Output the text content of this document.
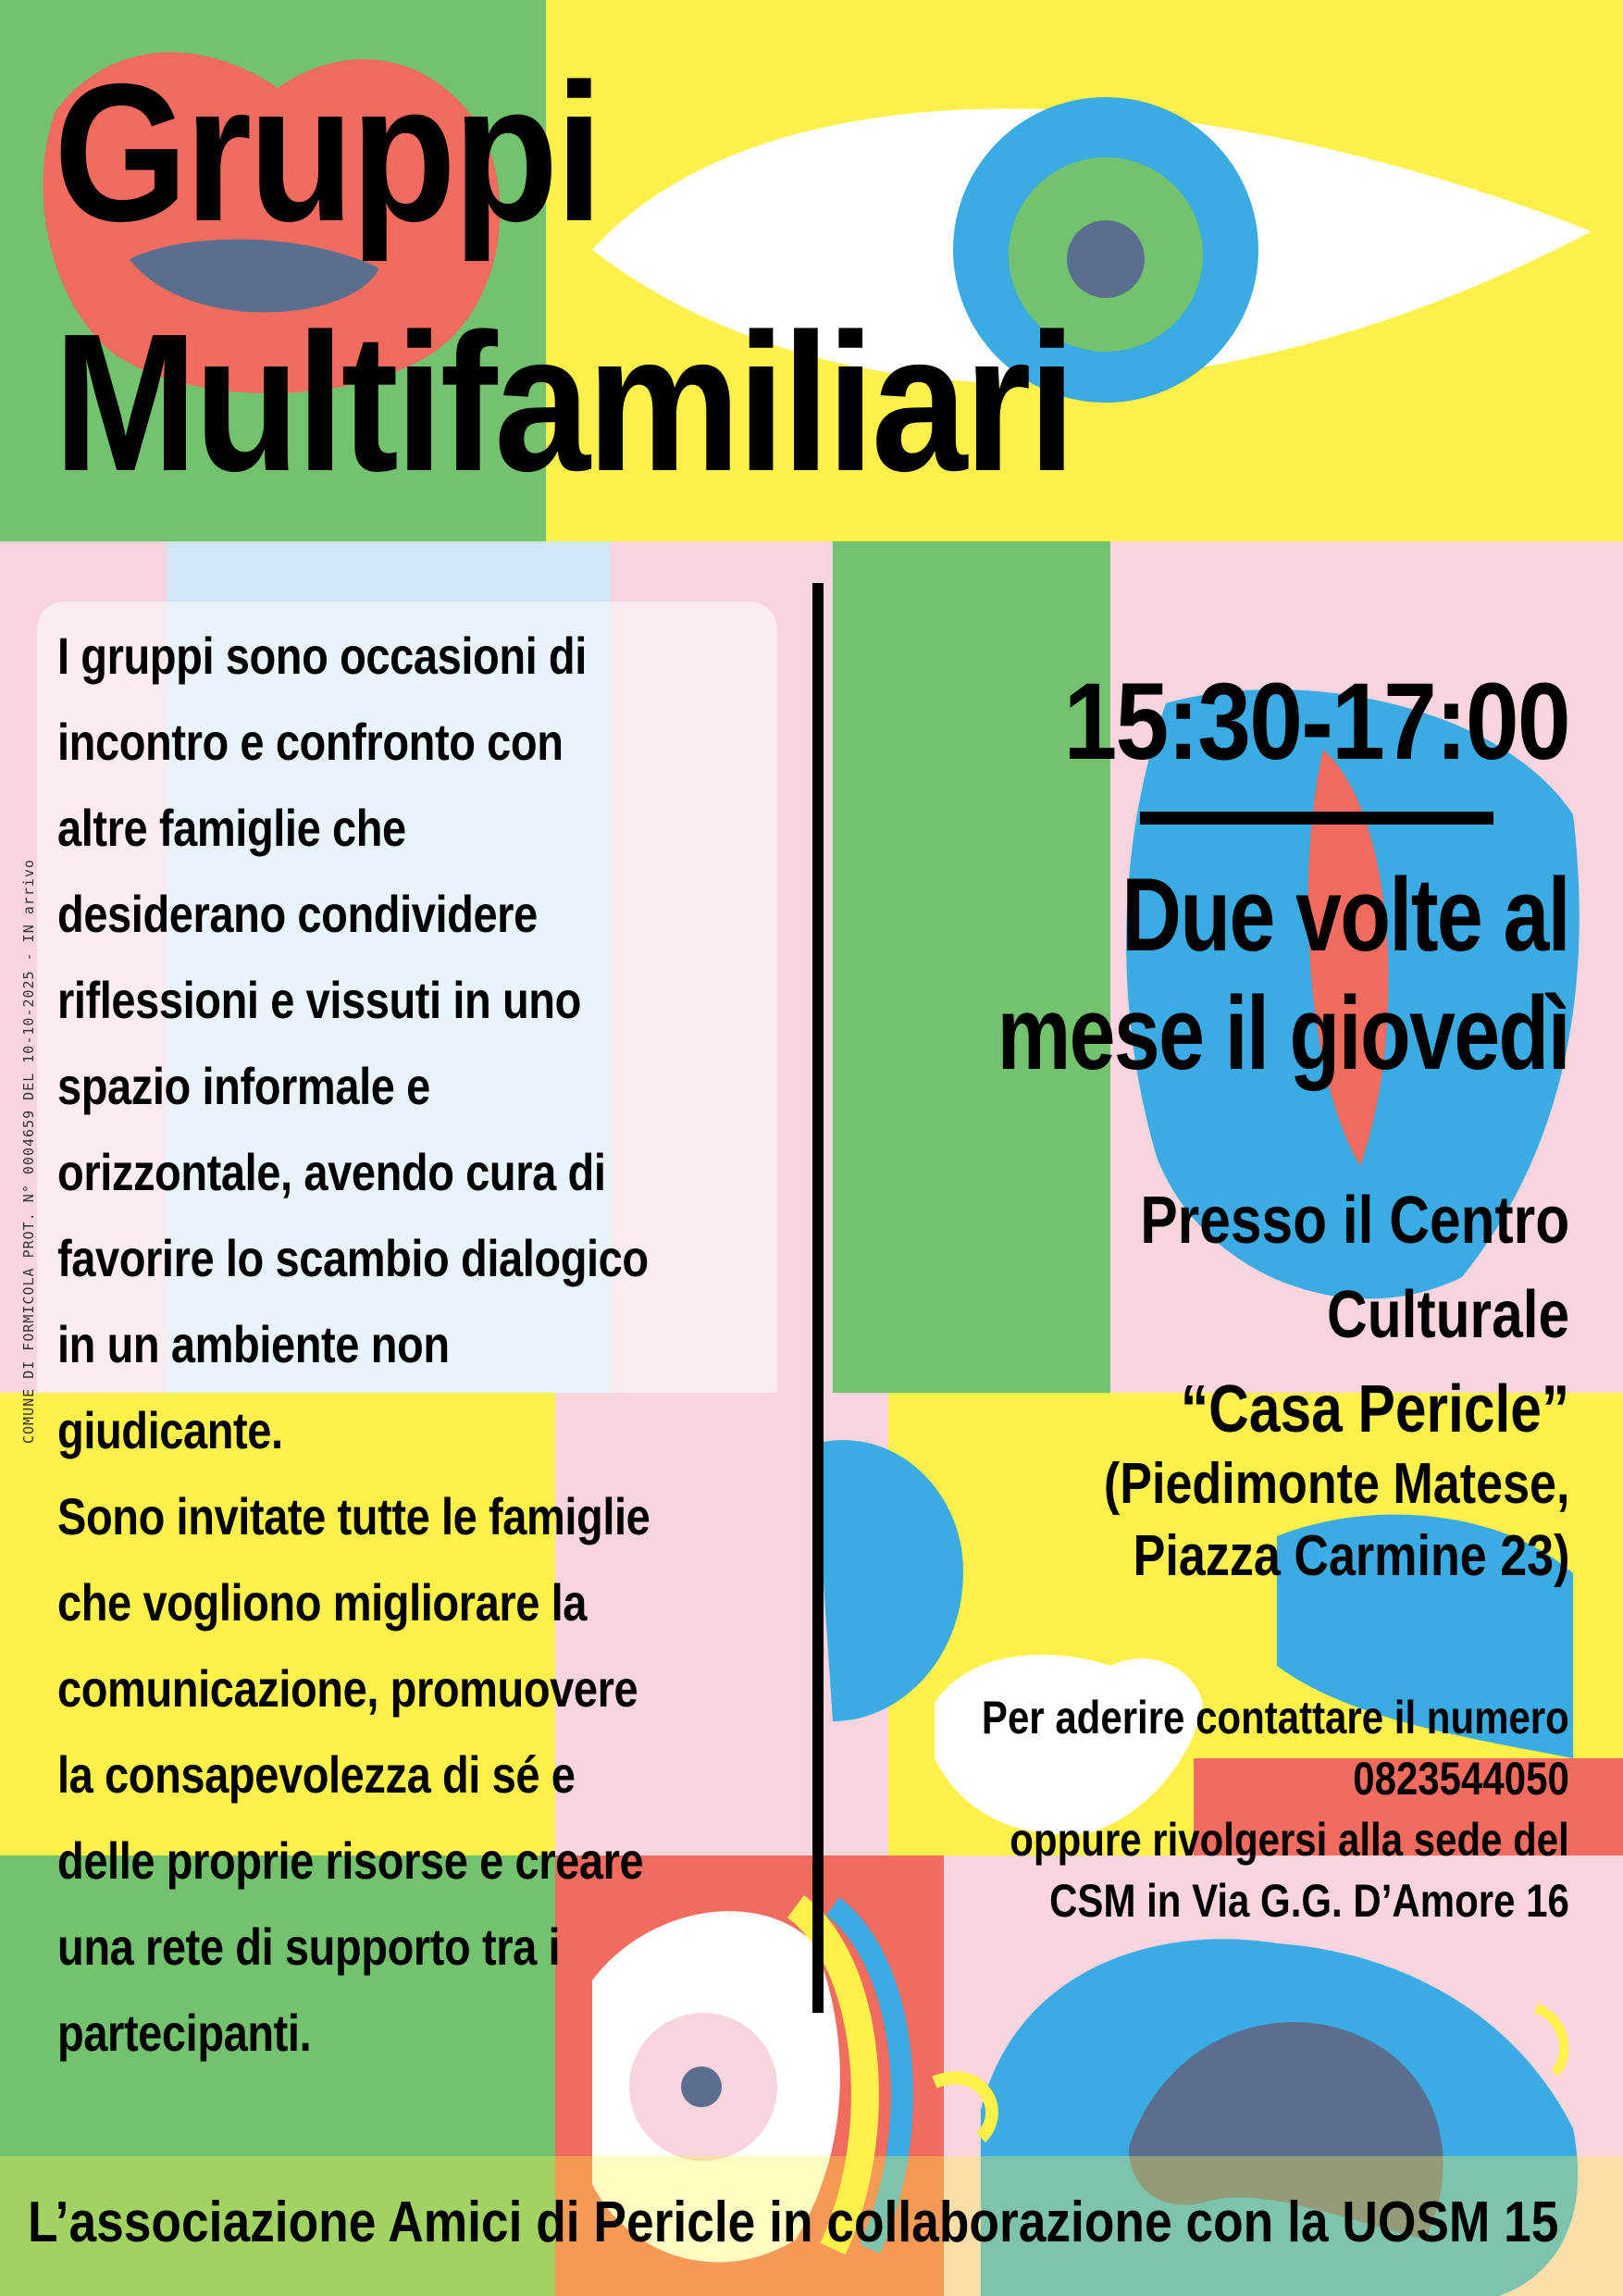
Gruppi
Multifamiliari
I gruppi sono occasioni di
incontro e confronto con
altre famiglie che
desiderano condividere
riflessioni e vissuti in uno
spazio informale e
orizzontale, avendo cura di
favorire lo scambio dialogico
in un ambiente non
giudicante.
Sono invitate tutte le famiglie
che vogliono migliorare la
comunicazione, promuovere
la consapevolezza di sé e
delle proprie risorse e creare
una rete di supporto tra i
partecipanti.
15:30-17:00
Due volte al
mese il giovedì
Presso il Centro
Culturale
“Casa Pericle”
(Piedimonte Matese,
Piazza Carmine 23)
Per aderire contattare il numero
0823544050
oppure rivolgersi alla sede del
CSM in Via G.G. D’Amore 16
L’associazione Amici di Pericle in collaborazione con la UOSM 15
COMUNE DI FORMICOLA PROT. N° 0004659 DEL 10-10-2025 - IN arrivo
